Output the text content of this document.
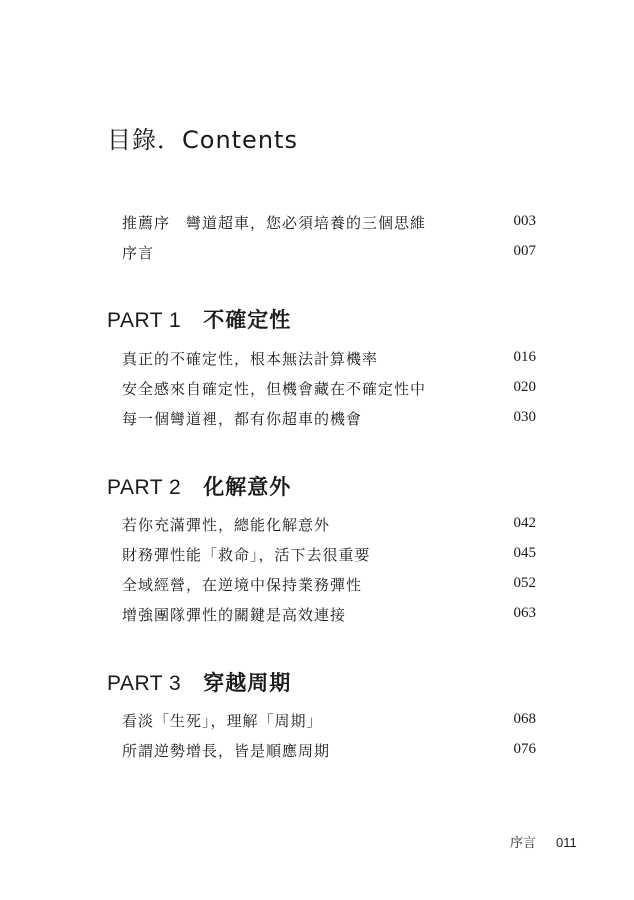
目錄．Contents
推薦序　彎道超車，您必須培養的三個思維	003
序言	007
PART 1 不確定性
真正的不確定性，根本無法計算機率	016
安全感來自確定性，但機會藏在不確定性中	020
每一個彎道裡，都有你超車的機會	030
PART 2 化解意外
若你充滿彈性，總能化解意外	042
財務彈性能「救命」，活下去很重要	045
全域經營，在逆境中保持業務彈性	052
增強團隊彈性的關鍵是高效連接	063
PART 3 穿越周期
看淡「生死」，理解「周期」	068
所謂逆勢增長，皆是順應周期	076
序言 011
